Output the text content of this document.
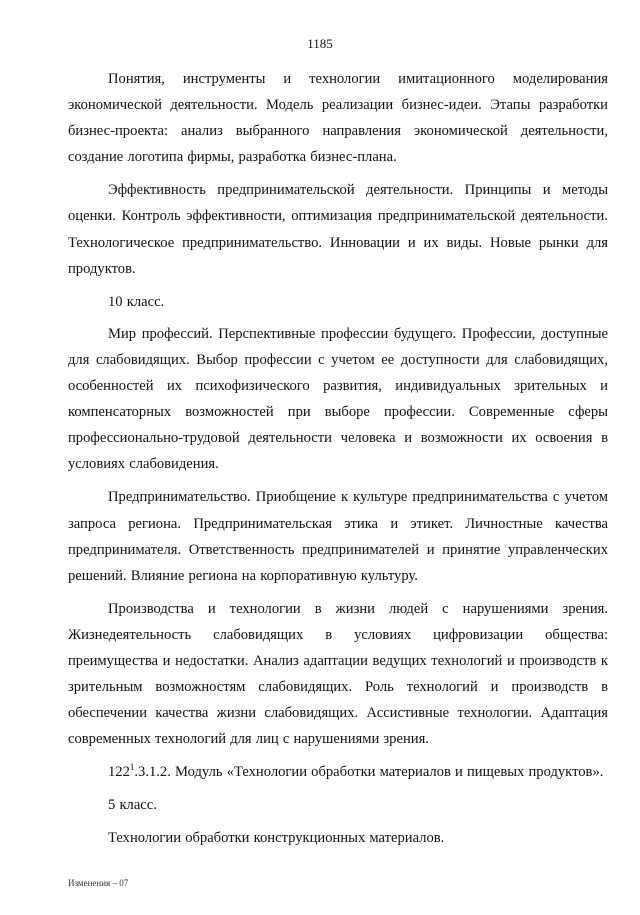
1185

Понятия, инструменты и технологии имитационного моделирования экономической деятельности. Модель реализации бизнес-идеи. Этапы разработки бизнес-проекта: анализ выбранного направления экономической деятельности, создание логотипа фирмы, разработка бизнес-плана.

Эффективность предпринимательской деятельности. Принципы и методы оценки. Контроль эффективности, оптимизация предпринимательской деятельности. Технологическое предпринимательство. Инновации и их виды. Новые рынки для продуктов.

10 класс.

Мир профессий. Перспективные профессии будущего. Профессии, доступные для слабовидящих. Выбор профессии с учетом ее доступности для слабовидящих, особенностей их психофизического развития, индивидуальных зрительных и компенсаторных возможностей при выборе профессии. Современные сферы профессионально-трудовой деятельности человека и возможности их освоения в условиях слабовидения.

Предпринимательство. Приобщение к культуре предпринимательства с учетом запроса региона. Предпринимательская этика и этикет. Личностные качества предпринимателя. Ответственность предпринимателей и принятие управленческих решений. Влияние региона на корпоративную культуру.

Производства и технологии в жизни людей с нарушениями зрения. Жизнедеятельность слабовидящих в условиях цифровизации общества: преимущества и недостатки. Анализ адаптации ведущих технологий и производств к зрительным возможностям слабовидящих. Роль технологий и производств в обеспечении качества жизни слабовидящих. Ассистивные технологии. Адаптация современных технологий для лиц с нарушениями зрения.

$122^1.3.1.2$. Модуль «Технологии обработки материалов и пищевых продуктов».

5 класс.

Технологии обработки конструкционных материалов.

Изменения – 07
